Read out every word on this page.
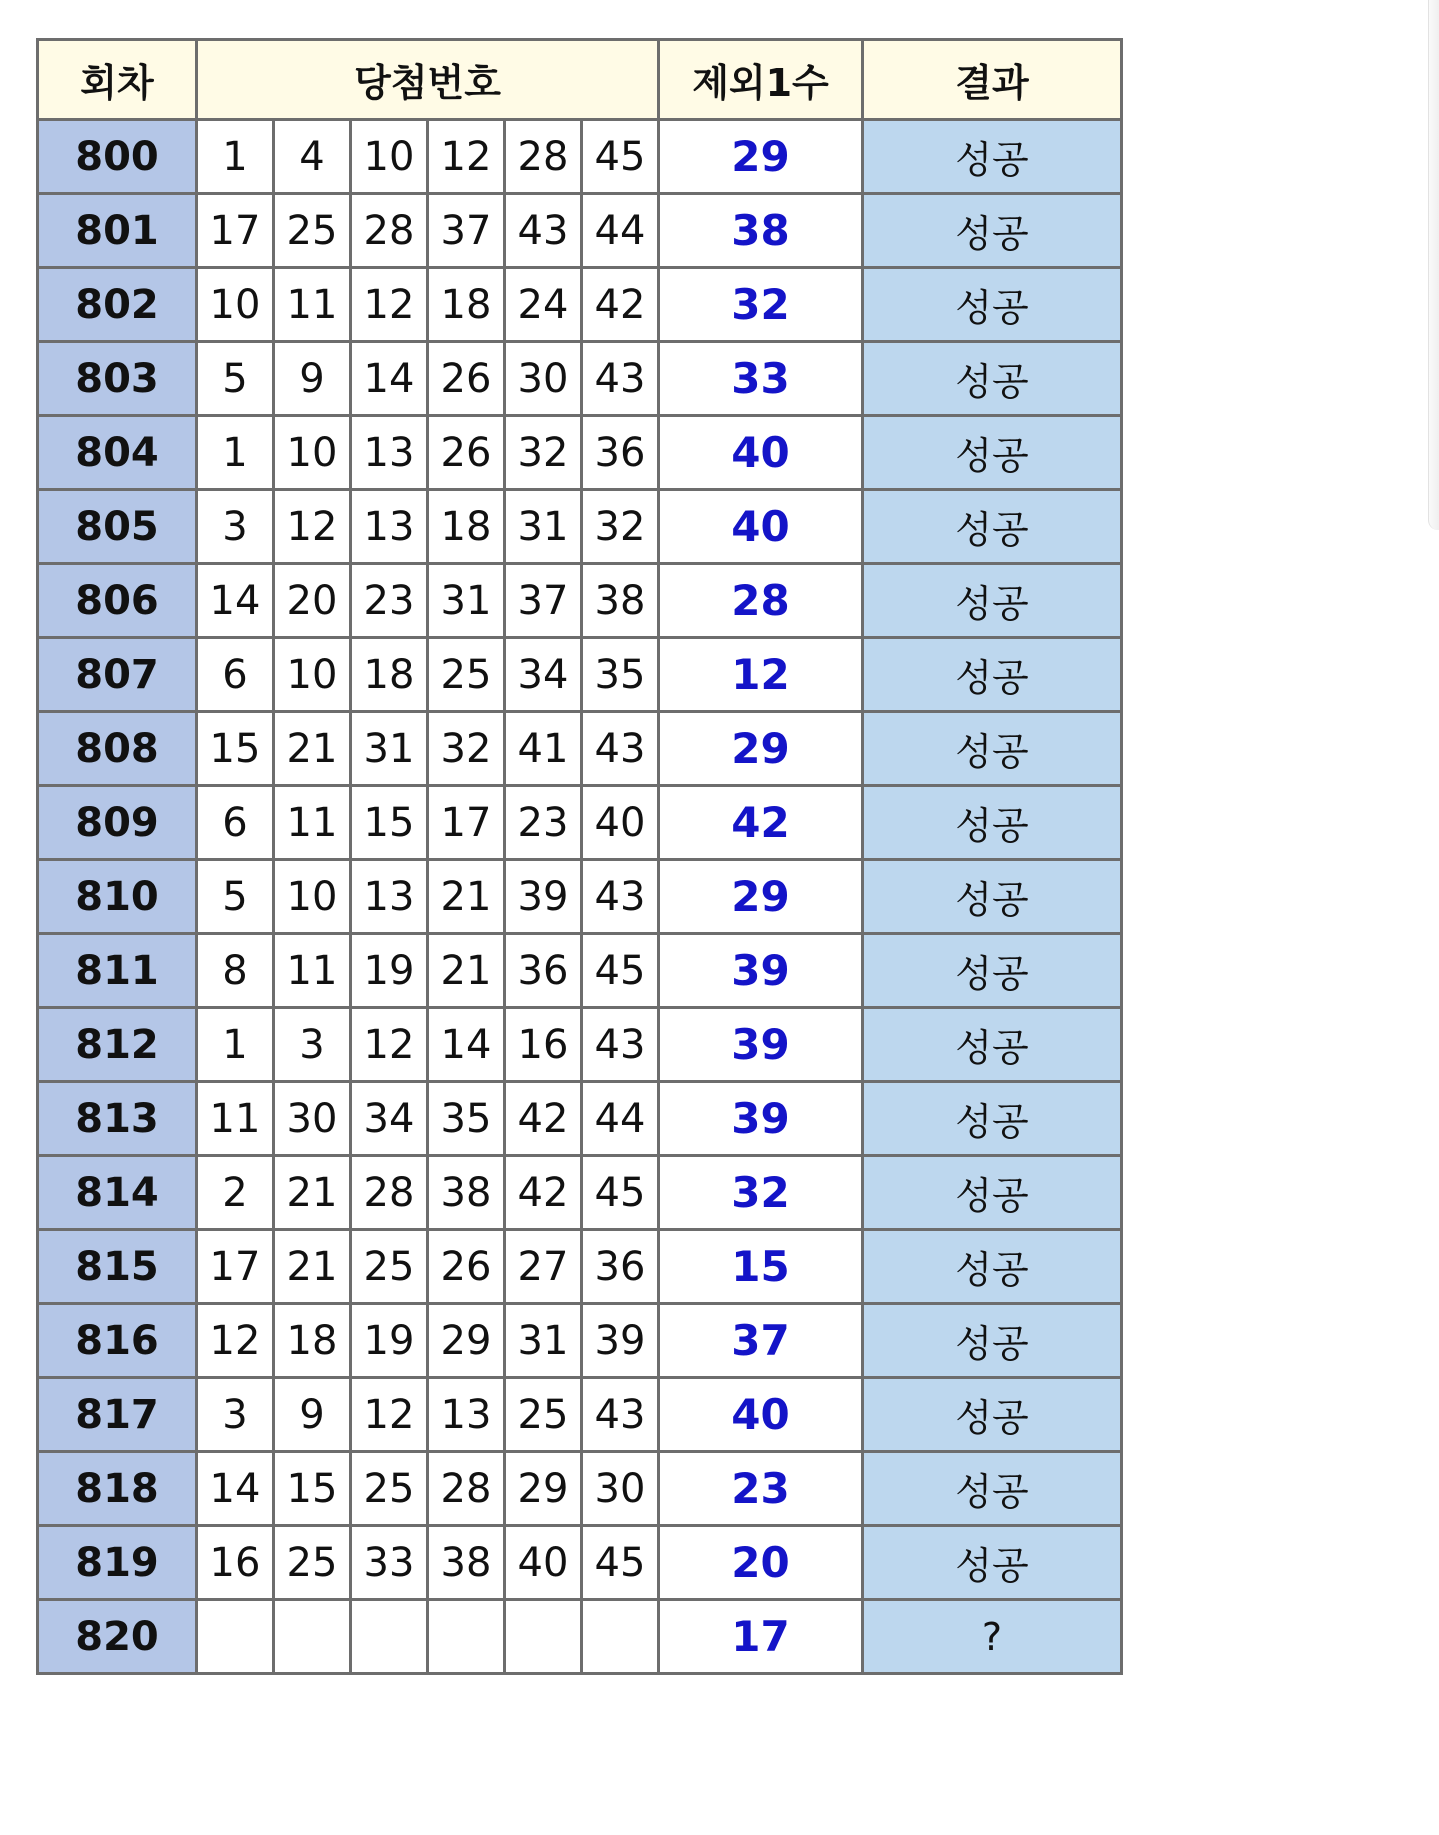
회차	당첨번호						제외1수	결과
800	1	4	10	12	28	45	29	성공
801	17	25	28	37	43	44	38	성공
802	10	11	12	18	24	42	32	성공
803	5	9	14	26	30	43	33	성공
804	1	10	13	26	32	36	40	성공
805	3	12	13	18	31	32	40	성공
806	14	20	23	31	37	38	28	성공
807	6	10	18	25	34	35	12	성공
808	15	21	31	32	41	43	29	성공
809	6	11	15	17	23	40	42	성공
810	5	10	13	21	39	43	29	성공
811	8	11	19	21	36	45	39	성공
812	1	3	12	14	16	43	39	성공
813	11	30	34	35	42	44	39	성공
814	2	21	28	38	42	45	32	성공
815	17	21	25	26	27	36	15	성공
816	12	18	19	29	31	39	37	성공
817	3	9	12	13	25	43	40	성공
818	14	15	25	28	29	30	23	성공
819	16	25	33	38	40	45	20	성공
820							17	?
